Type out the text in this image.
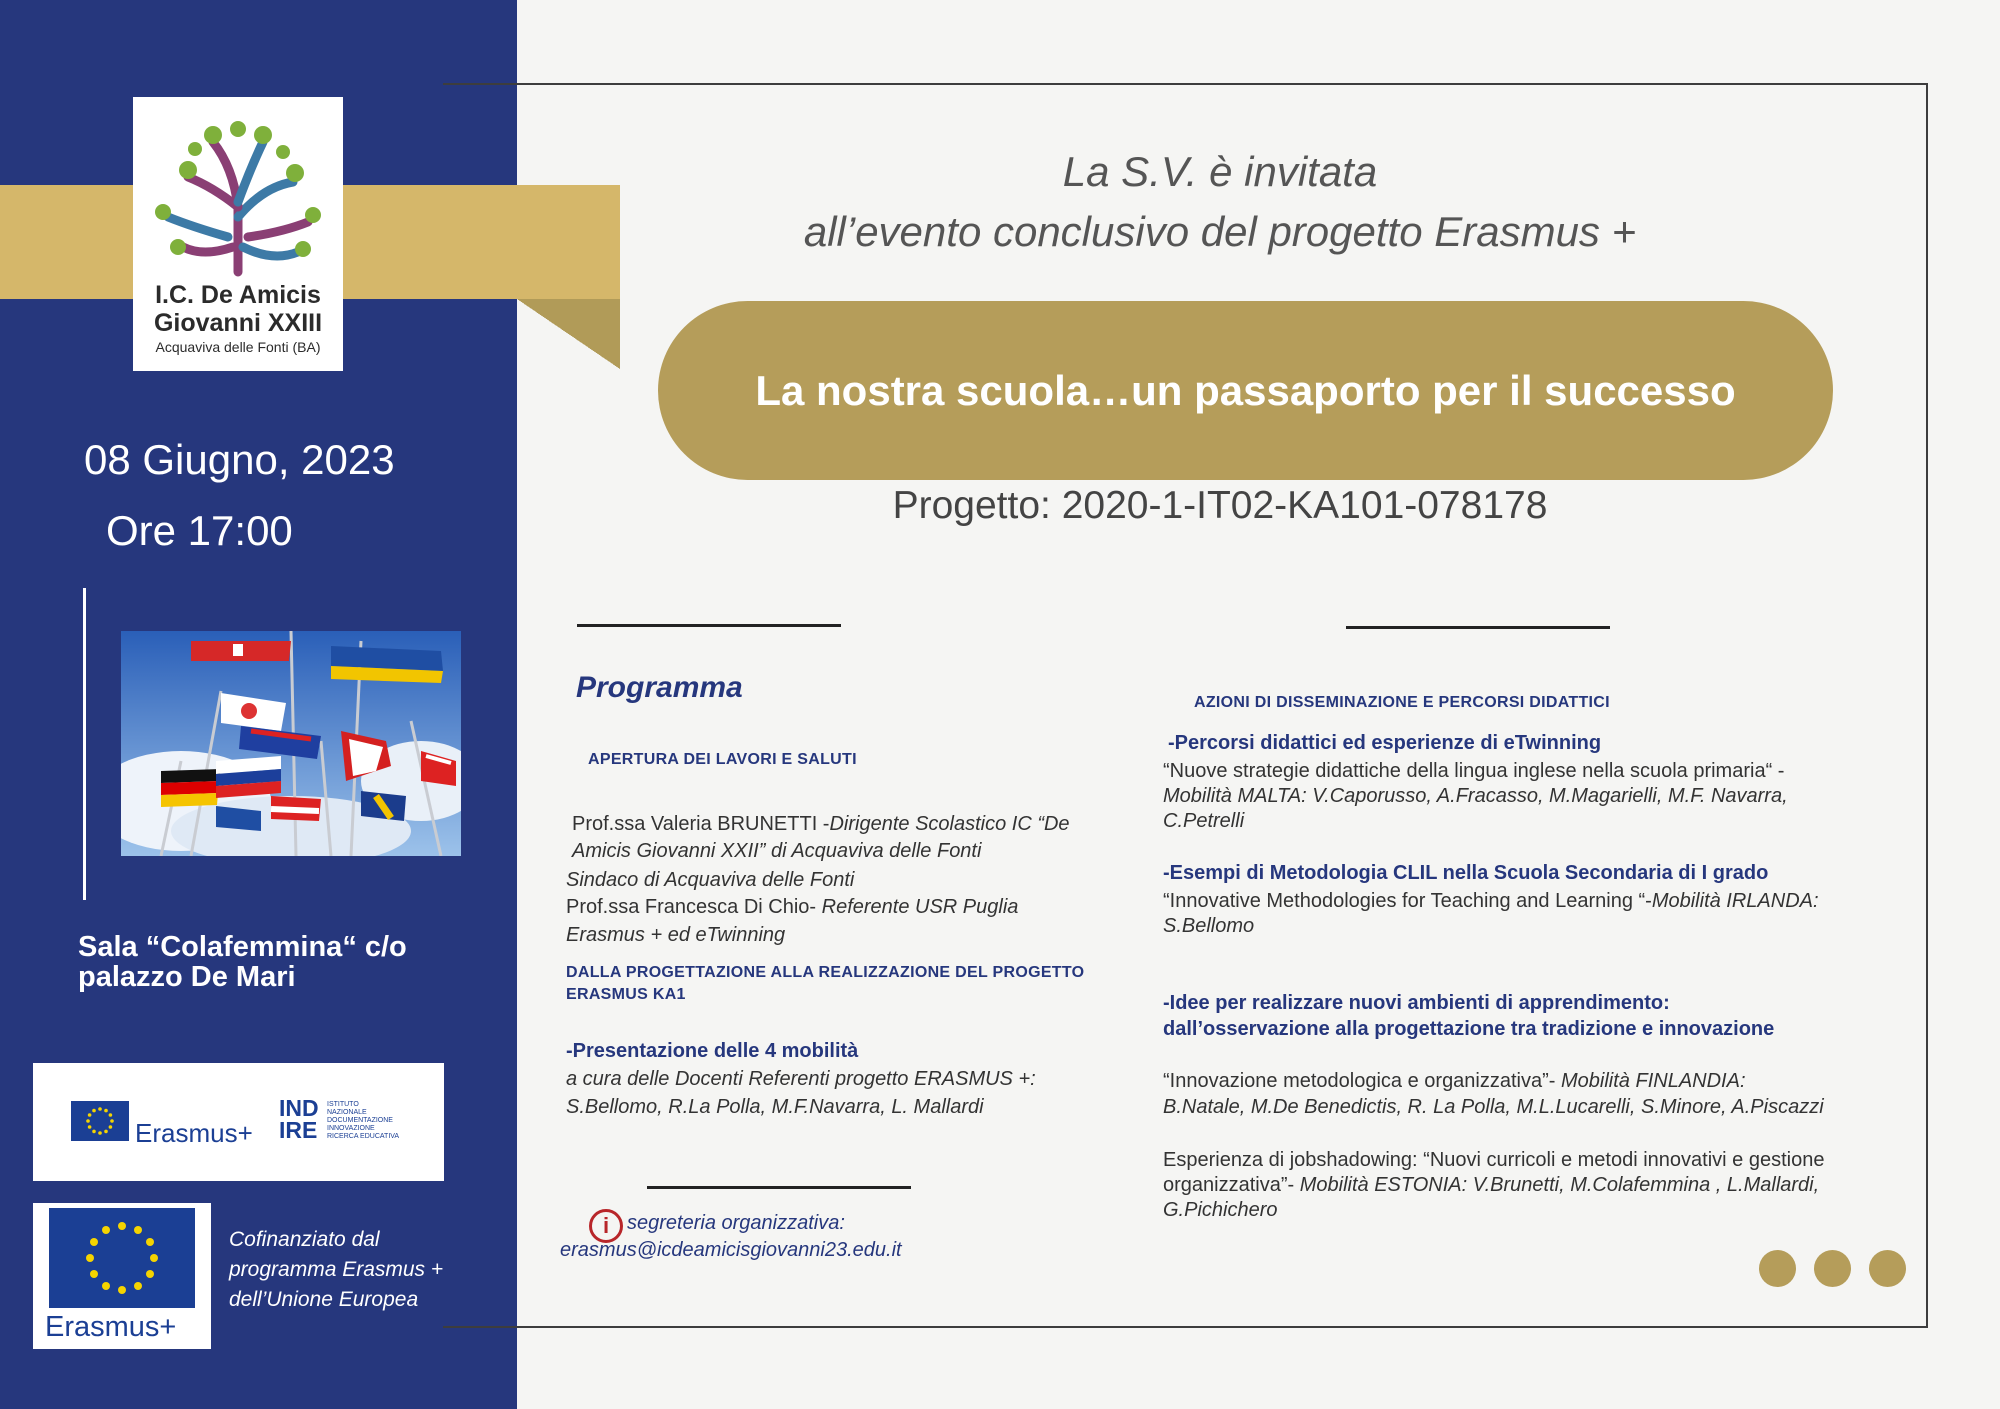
I.C. De Amicis
Giovanni XXIII
Acquaviva delle Fonti (BA)
08 Giugno, 2023
Ore 17:00
Sala “Colafemmina“ c/o
palazzo De Mari
Erasmus+
IND
IRE
ISTITUTO
NAZIONALE
DOCUMENTAZIONE
INNOVAZIONE
RICERCA EDUCATIVA
Erasmus+
Cofinanziato dal
programma Erasmus +
dell’Unione Europea
La S.V. è invitata
all’evento conclusivo del progetto Erasmus +
La nostra scuola…un passaporto per il successo
Progetto: 2020-1-IT02-KA101-078178
Programma
APERTURA DEI LAVORI E SALUTI
Prof.ssa Valeria BRUNETTI -Dirigente Scolastico IC “De
Amicis Giovanni XXII” di Acquaviva delle Fonti
Sindaco di Acquaviva delle Fonti
Prof.ssa Francesca Di Chio- Referente USR Puglia
Erasmus + ed eTwinning
DALLA PROGETTAZIONE ALLA REALIZZAZIONE DEL PROGETTO
ERASMUS KA1
-Presentazione delle 4 mobilità
a cura delle Docenti Referenti progetto ERASMUS +:
S.Bellomo, R.La Polla, M.F.Navarra, L. Mallardi
i segreteria organizzativa:
erasmus@icdeamicisgiovanni23.edu.it
AZIONI DI DISSEMINAZIONE E PERCORSI DIDATTICI
-Percorsi didattici ed esperienze di eTwinning
“Nuove strategie didattiche della lingua inglese nella scuola primaria“ -
Mobilità MALTA: V.Caporusso, A.Fracasso, M.Magarielli, M.F. Navarra,
C.Petrelli
-Esempi di Metodologia CLIL nella Scuola Secondaria di I grado
“Innovative Methodologies for Teaching and Learning “-Mobilità IRLANDA:
S.Bellomo
-Idee per realizzare nuovi ambienti di apprendimento:
dall’osservazione alla progettazione tra tradizione e innovazione
“Innovazione metodologica e organizzativa”- Mobilità FINLANDIA:
B.Natale, M.De Benedictis, R. La Polla, M.L.Lucarelli, S.Minore, A.Piscazzi
Esperienza di jobshadowing: “Nuovi curricoli e metodi innovativi e gestione
organizzativa”- Mobilità ESTONIA: V.Brunetti, M.Colafemmina , L.Mallardi,
G.Pichichero
